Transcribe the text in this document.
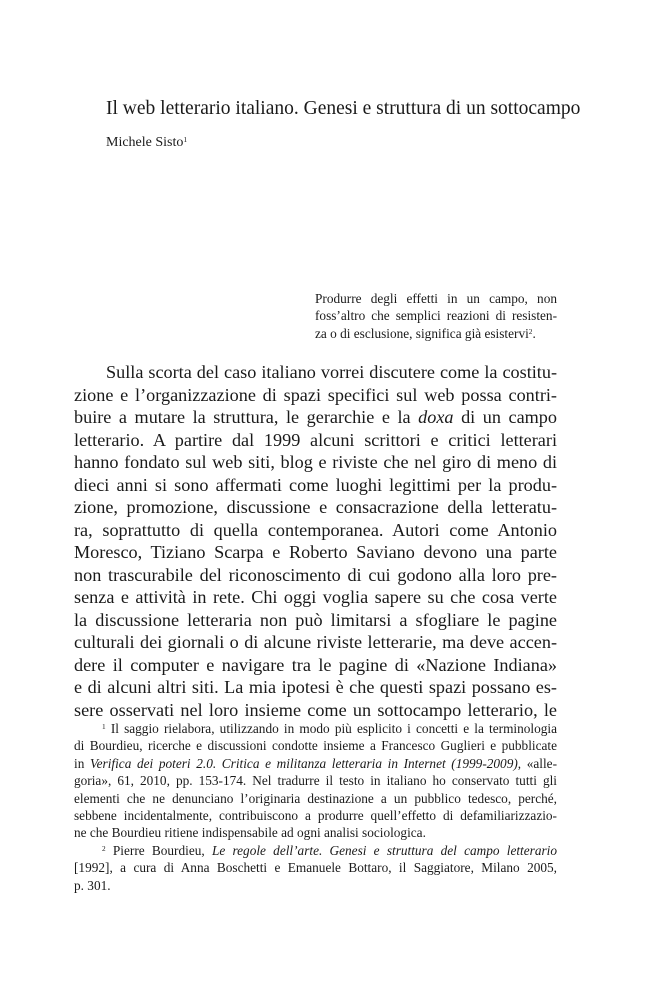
Il web letterario italiano. Genesi e struttura di un sottocampo
Michele Sisto$^1$
Produrre degli effetti in un campo, non
foss’altro che semplici reazioni di resisten-
za o di esclusione, significa già esistervi$^2$.
Sulla scorta del caso italiano vorrei discutere come la costitu-
zione e l’organizzazione di spazi specifici sul web possa contri-
buire a mutare la struttura, le gerarchie e la doxa di un campo
letterario. A partire dal 1999 alcuni scrittori e critici letterari
hanno fondato sul web siti, blog e riviste che nel giro di meno di
dieci anni si sono affermati come luoghi legittimi per la produ-
zione, promozione, discussione e consacrazione della letteratu-
ra, soprattutto di quella contemporanea. Autori come Antonio
Moresco, Tiziano Scarpa e Roberto Saviano devono una parte
non trascurabile del riconoscimento di cui godono alla loro pre-
senza e attività in rete. Chi oggi voglia sapere su che cosa verte
la discussione letteraria non può limitarsi a sfogliare le pagine
culturali dei giornali o di alcune riviste letterarie, ma deve accen-
dere il computer e navigare tra le pagine di «Nazione Indiana»
e di alcuni altri siti. La mia ipotesi è che questi spazi possano es-
sere osservati nel loro insieme come un sottocampo letterario, le
$^1$ Il saggio rielabora, utilizzando in modo più esplicito i concetti e la terminologia
di Bourdieu, ricerche e discussioni condotte insieme a Francesco Guglieri e pubblicate
in Verifica dei poteri 2.0. Critica e militanza letteraria in Internet (1999-2009), «alle-
goria», 61, 2010, pp. 153-174. Nel tradurre il testo in italiano ho conservato tutti gli
elementi che ne denunciano l’originaria destinazione a un pubblico tedesco, perché,
sebbene incidentalmente, contribuiscono a produrre quell’effetto di defamiliarizzazio-
ne che Bourdieu ritiene indispensabile ad ogni analisi sociologica.
$^2$ Pierre Bourdieu, Le regole dell’arte. Genesi e struttura del campo letterario
[1992], a cura di Anna Boschetti e Emanuele Bottaro, il Saggiatore, Milano 2005,
p. 301.
